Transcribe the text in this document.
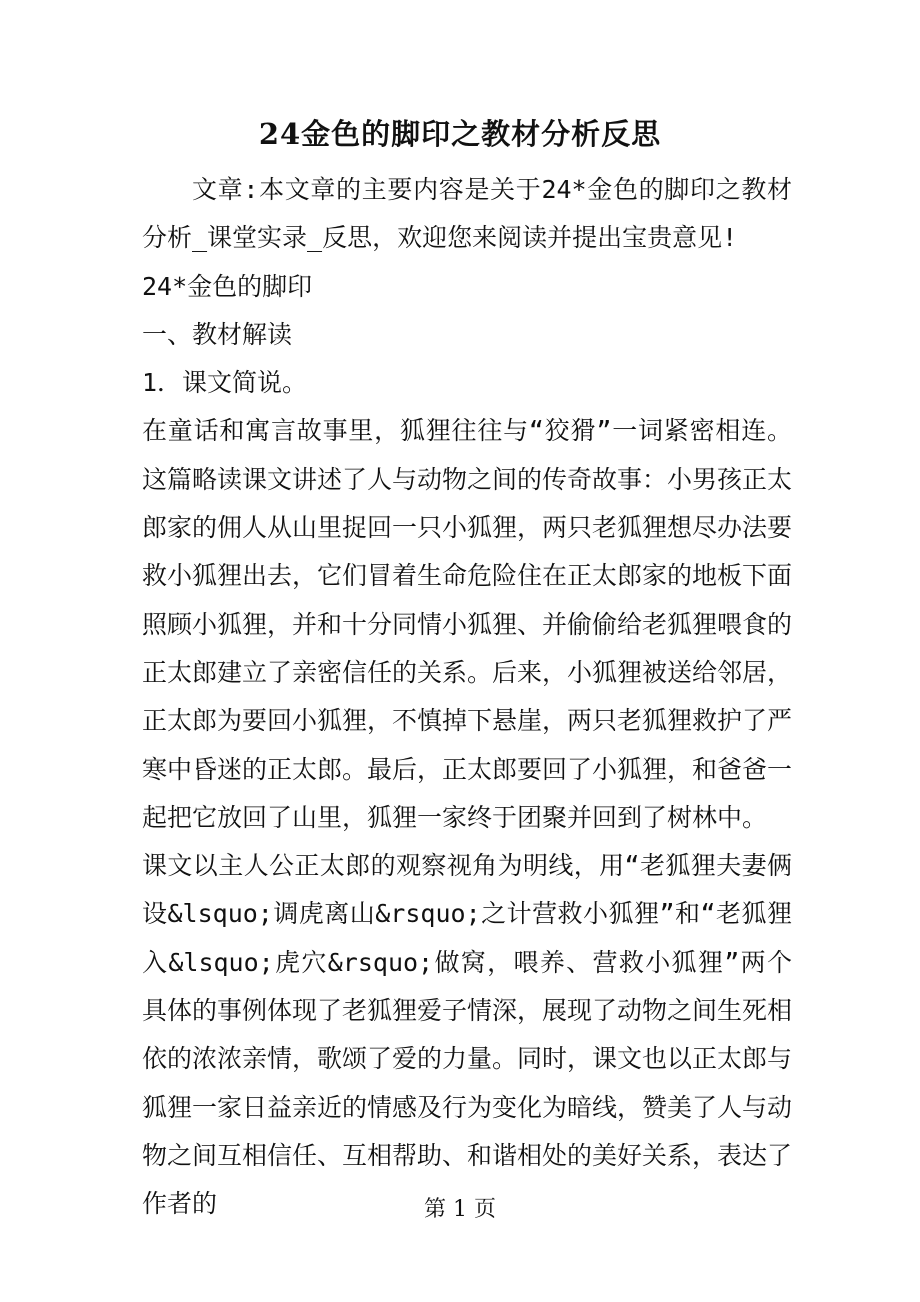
24金色的脚印之教材分析反思

文章:本文章的主要内容是关于24*金色的脚印之教材分析_课堂实录_反思，欢迎您来阅读并提出宝贵意见!

24*金色的脚印

一、教材解读

1．课文简说。

在童话和寓言故事里，狐狸往往与“狡猾”一词紧密相连。这篇略读课文讲述了人与动物之间的传奇故事：小男孩正太郎家的佣人从山里捉回一只小狐狸，两只老狐狸想尽办法要救小狐狸出去，它们冒着生命危险住在正太郎家的地板下面照顾小狐狸，并和十分同情小狐狸、并偷偷给老狐狸喂食的正太郎建立了亲密信任的关系。后来，小狐狸被送给邻居，正太郎为要回小狐狸，不慎掉下悬崖，两只老狐狸救护了严寒中昏迷的正太郎。最后，正太郎要回了小狐狸，和爸爸一起把它放回了山里，狐狸一家终于团聚并回到了树林中。

课文以主人公正太郎的观察视角为明线，用“老狐狸夫妻俩设&lsquo;调虎离山&rsquo;之计营救小狐狸”和“老狐狸入&lsquo;虎穴&rsquo;做窝，喂养、营救小狐狸”两个具体的事例体现了老狐狸爱子情深，展现了动物之间生死相依的浓浓亲情，歌颂了爱的力量。同时，课文也以正太郎与狐狸一家日益亲近的情感及行为变化为暗线，赞美了人与动物之间互相信任、互相帮助、和谐相处的美好关系，表达了作者的	第 1 页
